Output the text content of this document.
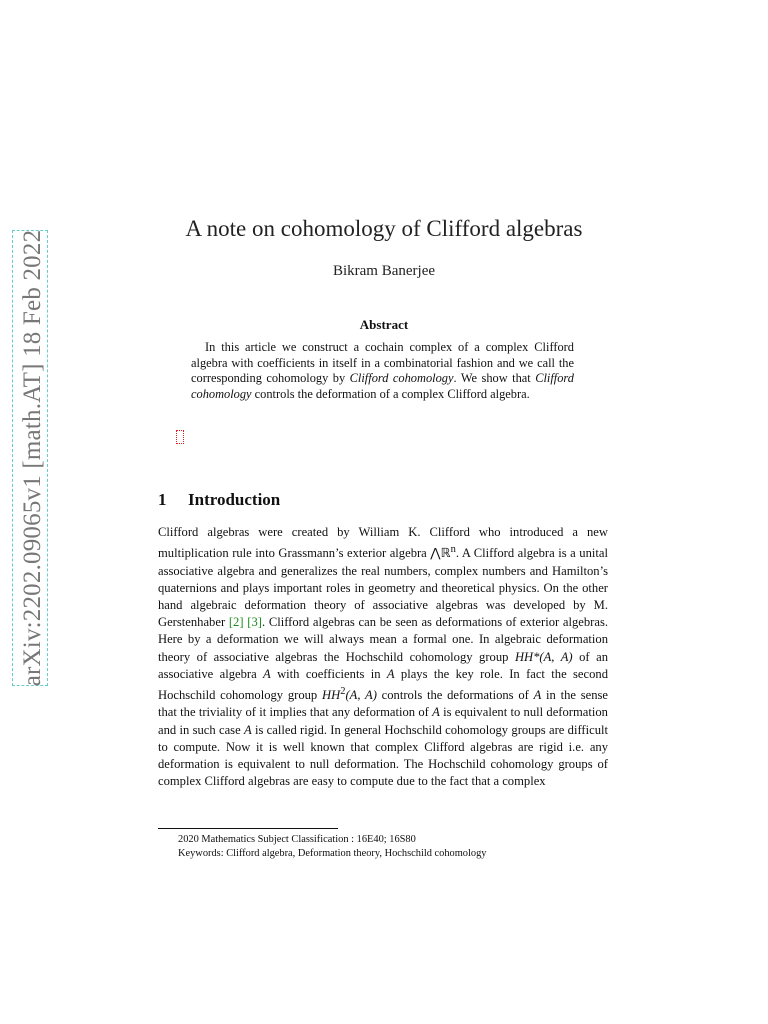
arXiv:2202.09065v1 [math.AT] 18 Feb 2022
A note on cohomology of Clifford algebras
Bikram Banerjee
Abstract
In this article we construct a cochain complex of a complex Clifford algebra with coefficients in itself in a combinatorial fashion and we call the corresponding cohomology by Clifford cohomology. We show that Clifford cohomology controls the deformation of a complex Clifford algebra.
1 Introduction
Clifford algebras were created by William K. Clifford who introduced a new multiplication rule into Grassmann’s exterior algebra ⋀ℝ$^n$. A Clifford algebra is a unital associative algebra and generalizes the real numbers, complex numbers and Hamilton’s quaternions and plays important roles in geometry and theoretical physics. On the other hand algebraic deformation theory of associative algebras was developed by M. Gerstenhaber [2] [3]. Clifford algebras can be seen as deformations of exterior algebras. Here by a deformation we will always mean a formal one. In algebraic deformation theory of associative algebras the Hochschild cohomology group HH*(A, A) of an associative algebra A with coefficients in A plays the key role. In fact the second Hochschild cohomology group $HH^2(A$, A) controls the deformations of A in the sense that the triviality of it implies that any deformation of A is equivalent to null deformation and in such case A is called rigid. In general Hochschild cohomology groups are difficult to compute. Now it is well known that complex Clifford algebras are rigid i.e. any deformation is equivalent to null deformation. The Hochschild cohomology groups of complex Clifford algebras are easy to compute due to the fact that a complex
2020 Mathematics Subject Classification : 16E40; 16S80
Keywords: Clifford algebra, Deformation theory, Hochschild cohomology
